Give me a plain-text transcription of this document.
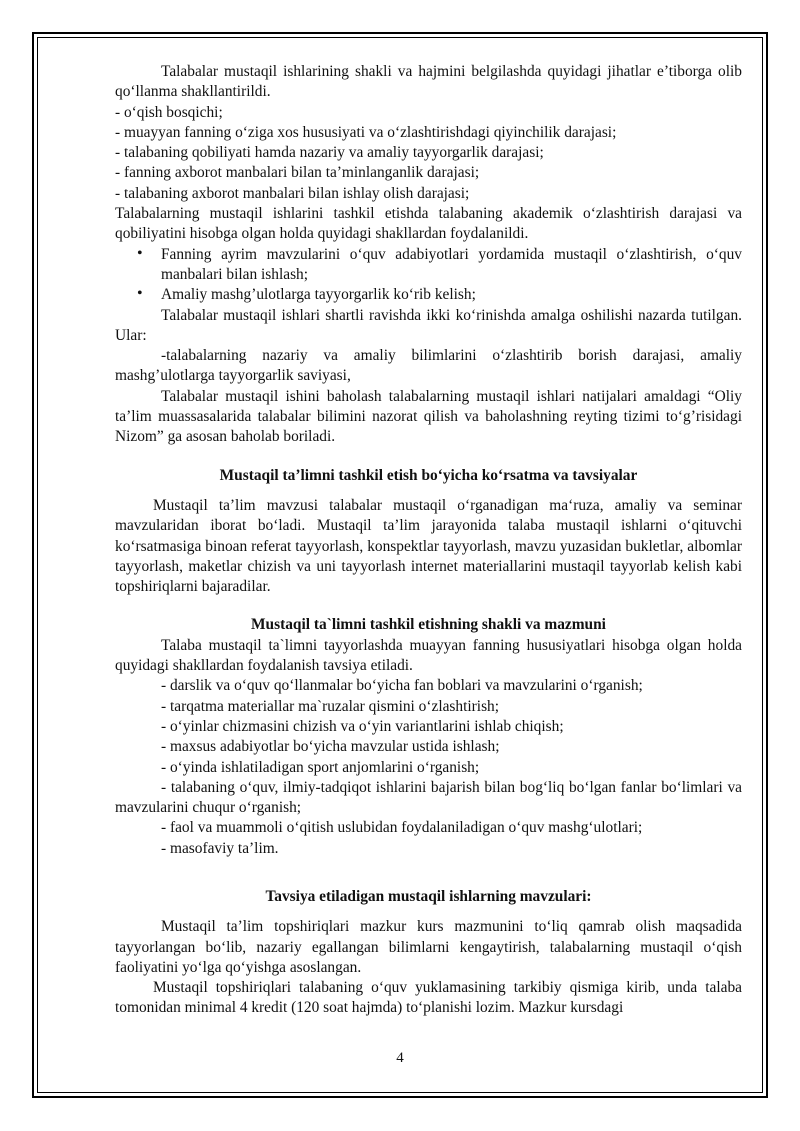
Talabalar mustaqil ishlarining shakli va hajmini belgilashda quyidagi jihatlar e’tiborga olib qo‘llanma shakllantirildi.

- o‘qish bosqichi;

- muayyan fanning o‘ziga xos hususiyati va o‘zlashtirishdagi qiyinchilik darajasi;

- talabaning qobiliyati hamda nazariy va amaliy tayyorgarlik darajasi;

- fanning axborot manbalari bilan ta’minlanganlik darajasi;

- talabaning axborot manbalari bilan ishlay olish darajasi;

Talabalarning mustaqil ishlarini tashkil etishda talabaning akademik o‘zlashtirish darajasi va qobiliyatini hisobga olgan holda quyidagi shakllardan foydalanildi.

• Fanning ayrim mavzularini o‘quv adabiyotlari yordamida mustaqil o‘zlashtirish, o‘quv manbalari bilan ishlash;

• Amaliy mashg’ulotlarga tayyorgarlik ko‘rib kelish;

Talabalar mustaqil ishlari shartli ravishda ikki ko‘rinishda amalga oshilishi nazarda tutilgan. Ular:

-talabalarning nazariy va amaliy bilimlarini o‘zlashtirib borish darajasi, amaliy mashg’ulotlarga tayyorgarlik saviyasi,

Talabalar mustaqil ishini baholash talabalarning mustaqil ishlari natijalari amaldagi “Oliy ta’lim muassasalarida talabalar bilimini nazorat qilish va baholashning reyting tizimi to‘g’risidagi Nizom” ga asosan baholab boriladi.

Mustaqil ta’limni tashkil etish bo‘yicha ko‘rsatma va tavsiyalar

Mustaqil ta’lim mavzusi talabalar mustaqil o‘rganadigan ma‘ruza, amaliy va seminar mavzularidan iborat bo‘ladi. Mustaqil ta’lim jarayonida talaba mustaqil ishlarni o‘qituvchi ko‘rsatmasiga binoan referat tayyorlash, konspektlar tayyorlash, mavzu yuzasidan bukletlar, albomlar tayyorlash, maketlar chizish va uni tayyorlash internet materiallarini mustaqil tayyorlab kelish kabi topshiriqlarni bajaradilar.

Mustaqil ta`limni tashkil etishning shakli va mazmuni

Talaba mustaqil ta`limni tayyorlashda muayyan fanning hususiyatlari hisobga olgan holda quyidagi shakllardan foydalanish tavsiya etiladi.

- darslik va o‘quv qo‘llanmalar bo‘yicha fan boblari va mavzularini o‘rganish;

- tarqatma materiallar ma`ruzalar qismini o‘zlashtirish;

- o‘yinlar chizmasini chizish va o‘yin variantlarini ishlab chiqish;

- maxsus adabiyotlar bo‘yicha mavzular ustida ishlash;

- o‘yinda ishlatiladigan sport anjomlarini o‘rganish;

- talabaning o‘quv, ilmiy-tadqiqot ishlarini bajarish bilan bog‘liq bo‘lgan fanlar bo‘limlari va mavzularini chuqur o‘rganish;

- faol va muammoli o‘qitish uslubidan foydalaniladigan o‘quv mashg‘ulotlari;

- masofaviy ta’lim.

Tavsiya etiladigan mustaqil ishlarning mavzulari:

Mustaqil ta’lim topshiriqlari mazkur kurs mazmunini to‘liq qamrab olish maqsadida tayyorlangan bo‘lib, nazariy egallangan bilimlarni kengaytirish, talabalarning mustaqil o‘qish faoliyatini yo‘lga qo‘yishga asoslangan.

Mustaqil topshiriqlari talabaning o‘quv yuklamasining tarkibiy qismiga kirib, unda talaba tomonidan minimal 4 kredit (120 soat hajmda) to‘planishi lozim. Mazkur kursdagi

4
